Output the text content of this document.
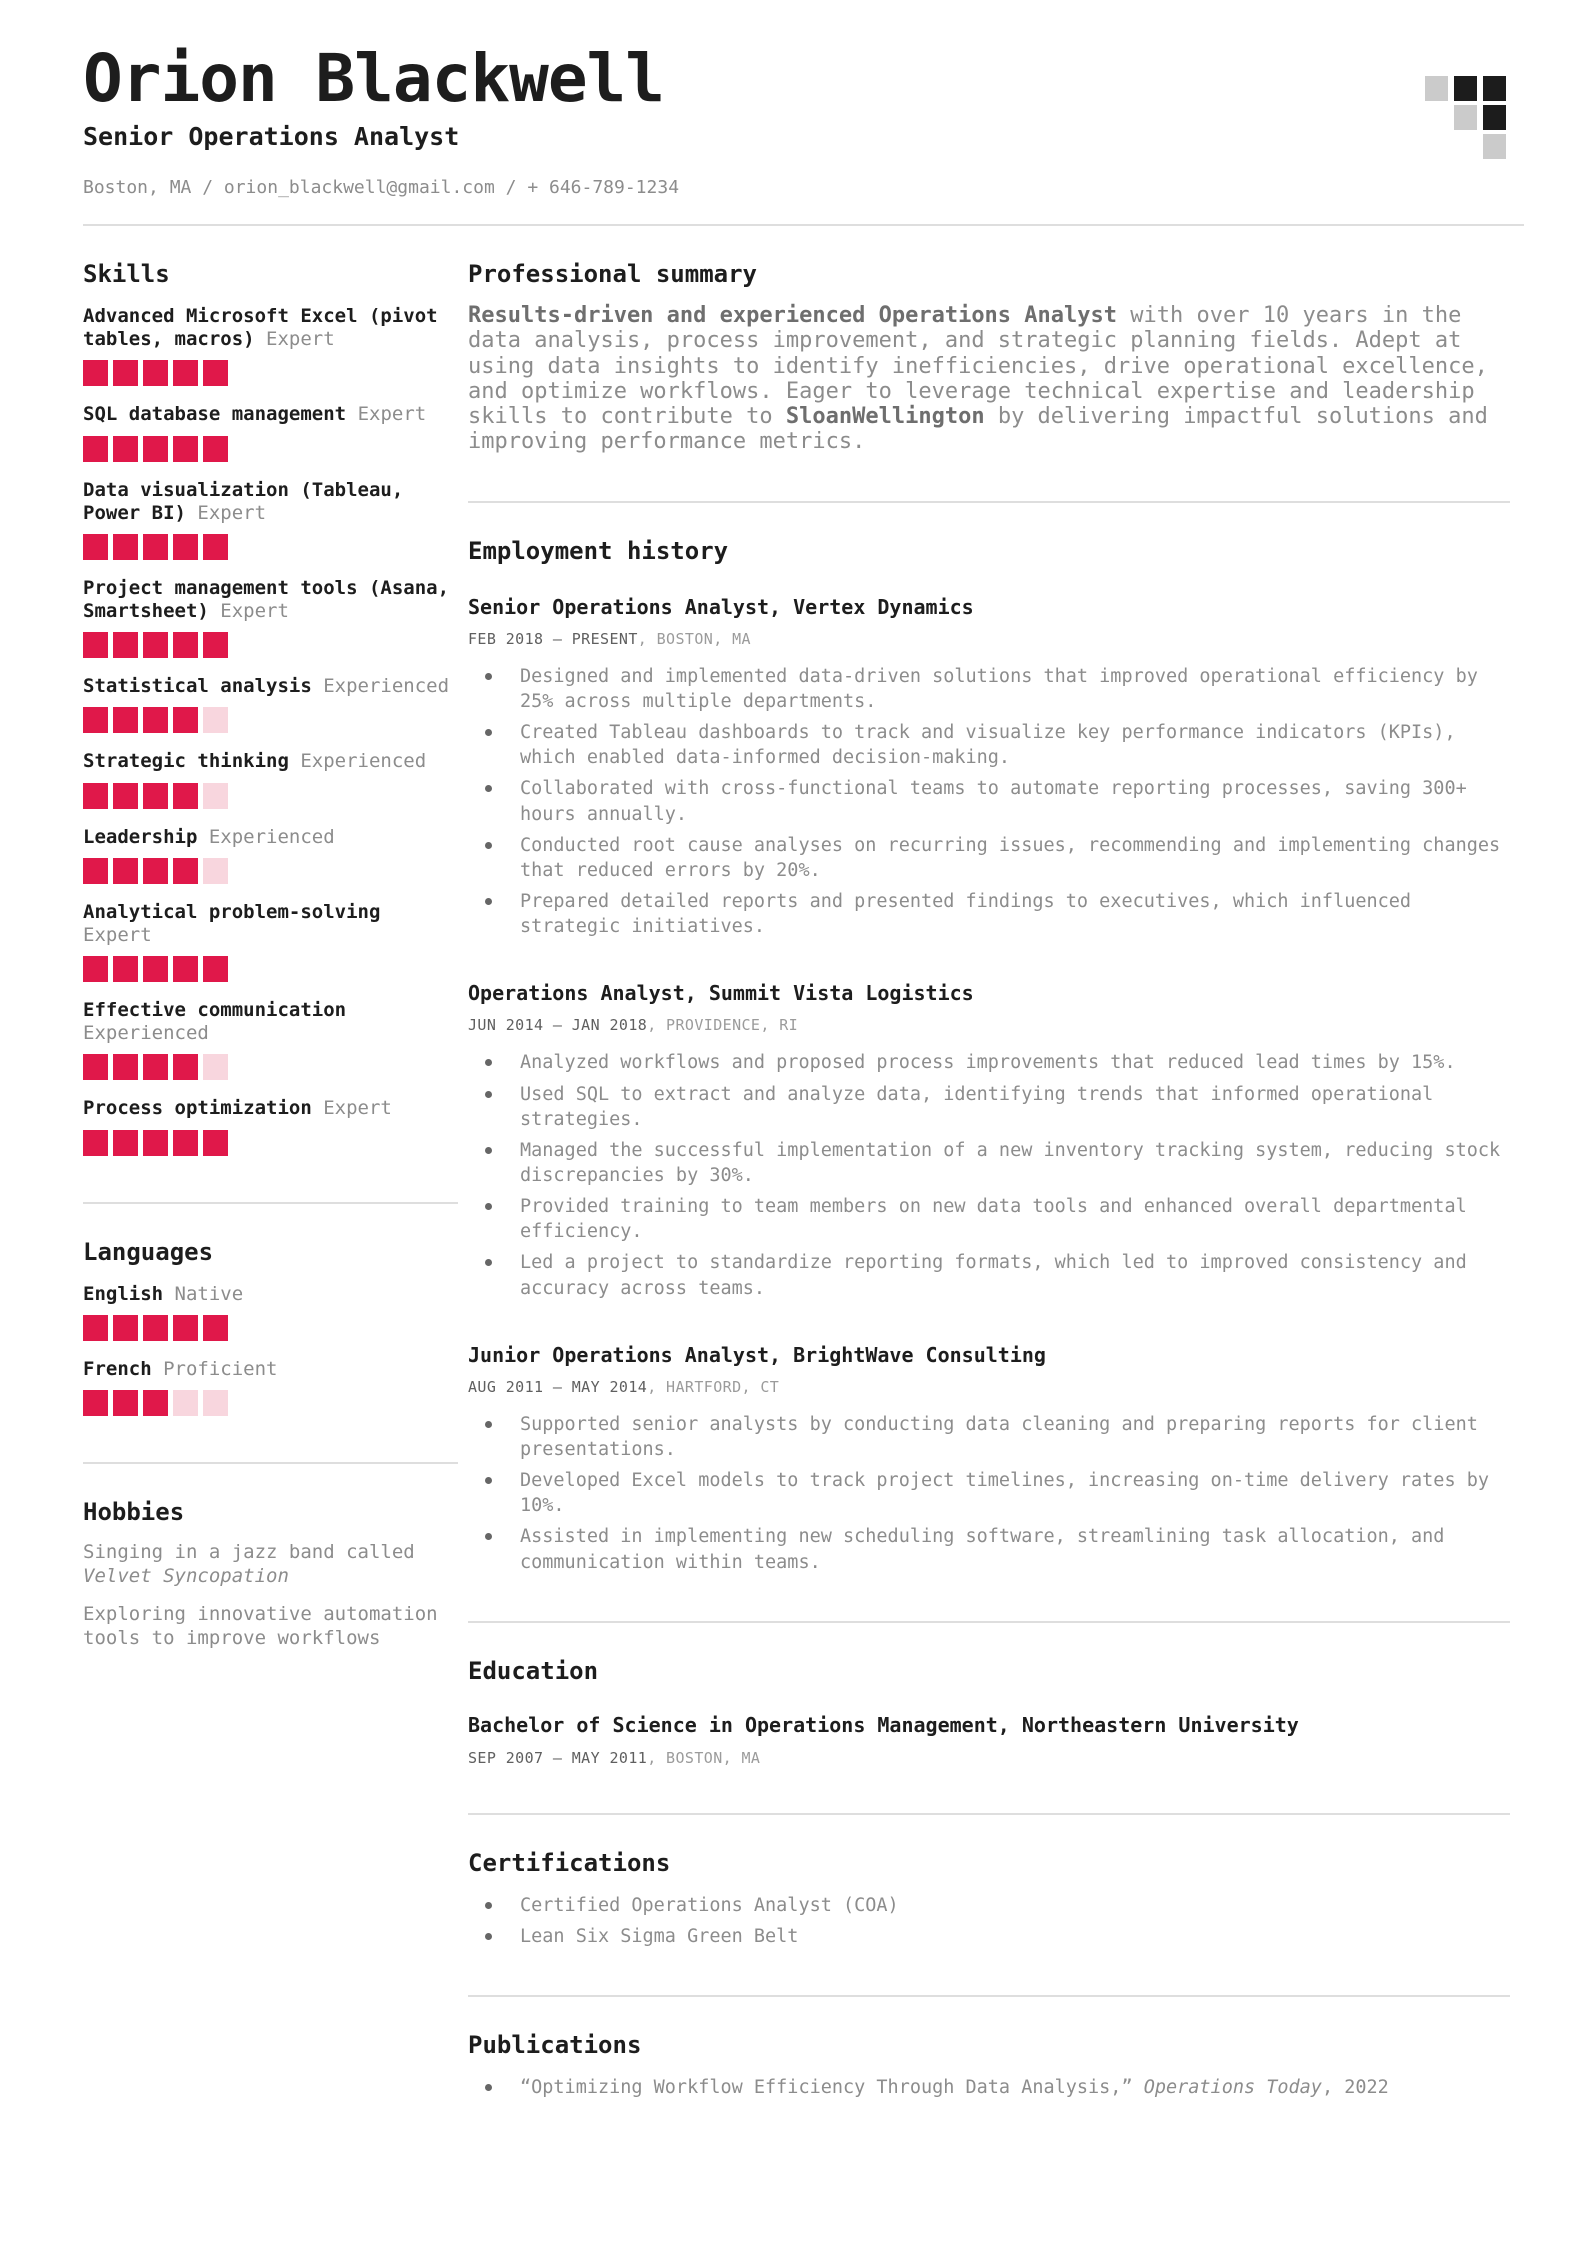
Orion Blackwell
Senior Operations Analyst
Boston, MA / orion_blackwell@gmail.com / + 646-789-1234
Skills

Advanced Microsoft Excel (pivot tables, macros) Expert

SQL database management Expert

Data visualization (Tableau, Power BI) Expert

Project management tools (Asana, Smartsheet) Expert

Statistical analysis Experienced

Strategic thinking Experienced

Leadership Experienced

Analytical problem-solving Expert

Effective communication Experienced

Process optimization Expert

Languages

English Native

French Proficient

Hobbies

Singing in a jazz band called Velvet Syncopation

Exploring innovative automation tools to improve workflows

Professional summary

Results-driven and experienced Operations Analyst with over 10 years in the data analysis, process improvement, and strategic planning fields. Adept at using data insights to identify inefficiencies, drive operational excellence, and optimize workflows. Eager to leverage technical expertise and leadership skills to contribute to SloanWellington by delivering impactful solutions and improving performance metrics.

Employment history
Senior Operations Analyst, Vertex Dynamics
FEB 2018 – PRESENT, BOSTON, MA
Designed and implemented data-driven solutions that improved operational efficiency by 25% across multiple departments.
Created Tableau dashboards to track and visualize key performance indicators (KPIs), which enabled data-informed decision-making.
Collaborated with cross-functional teams to automate reporting processes, saving 300+ hours annually.
Conducted root cause analyses on recurring issues, recommending and implementing changes that reduced errors by 20%.
Prepared detailed reports and presented findings to executives, which influenced strategic initiatives.
Operations Analyst, Summit Vista Logistics
JUN 2014 – JAN 2018, PROVIDENCE, RI
Analyzed workflows and proposed process improvements that reduced lead times by 15%.
Used SQL to extract and analyze data, identifying trends that informed operational strategies.
Managed the successful implementation of a new inventory tracking system, reducing stock discrepancies by 30%.
Provided training to team members on new data tools and enhanced overall departmental efficiency.
Led a project to standardize reporting formats, which led to improved consistency and accuracy across teams.
Junior Operations Analyst, BrightWave Consulting
AUG 2011 – MAY 2014, HARTFORD, CT
Supported senior analysts by conducting data cleaning and preparing reports for client presentations.
Developed Excel models to track project timelines, increasing on-time delivery rates by 10%.
Assisted in implementing new scheduling software, streamlining task allocation, and communication within teams.
Education
Bachelor of Science in Operations Management, Northeastern University
SEP 2007 – MAY 2011, BOSTON, MA
Certifications
Certified Operations Analyst (COA)
Lean Six Sigma Green Belt
Publications
“Optimizing Workflow Efficiency Through Data Analysis,” Operations Today, 2022
